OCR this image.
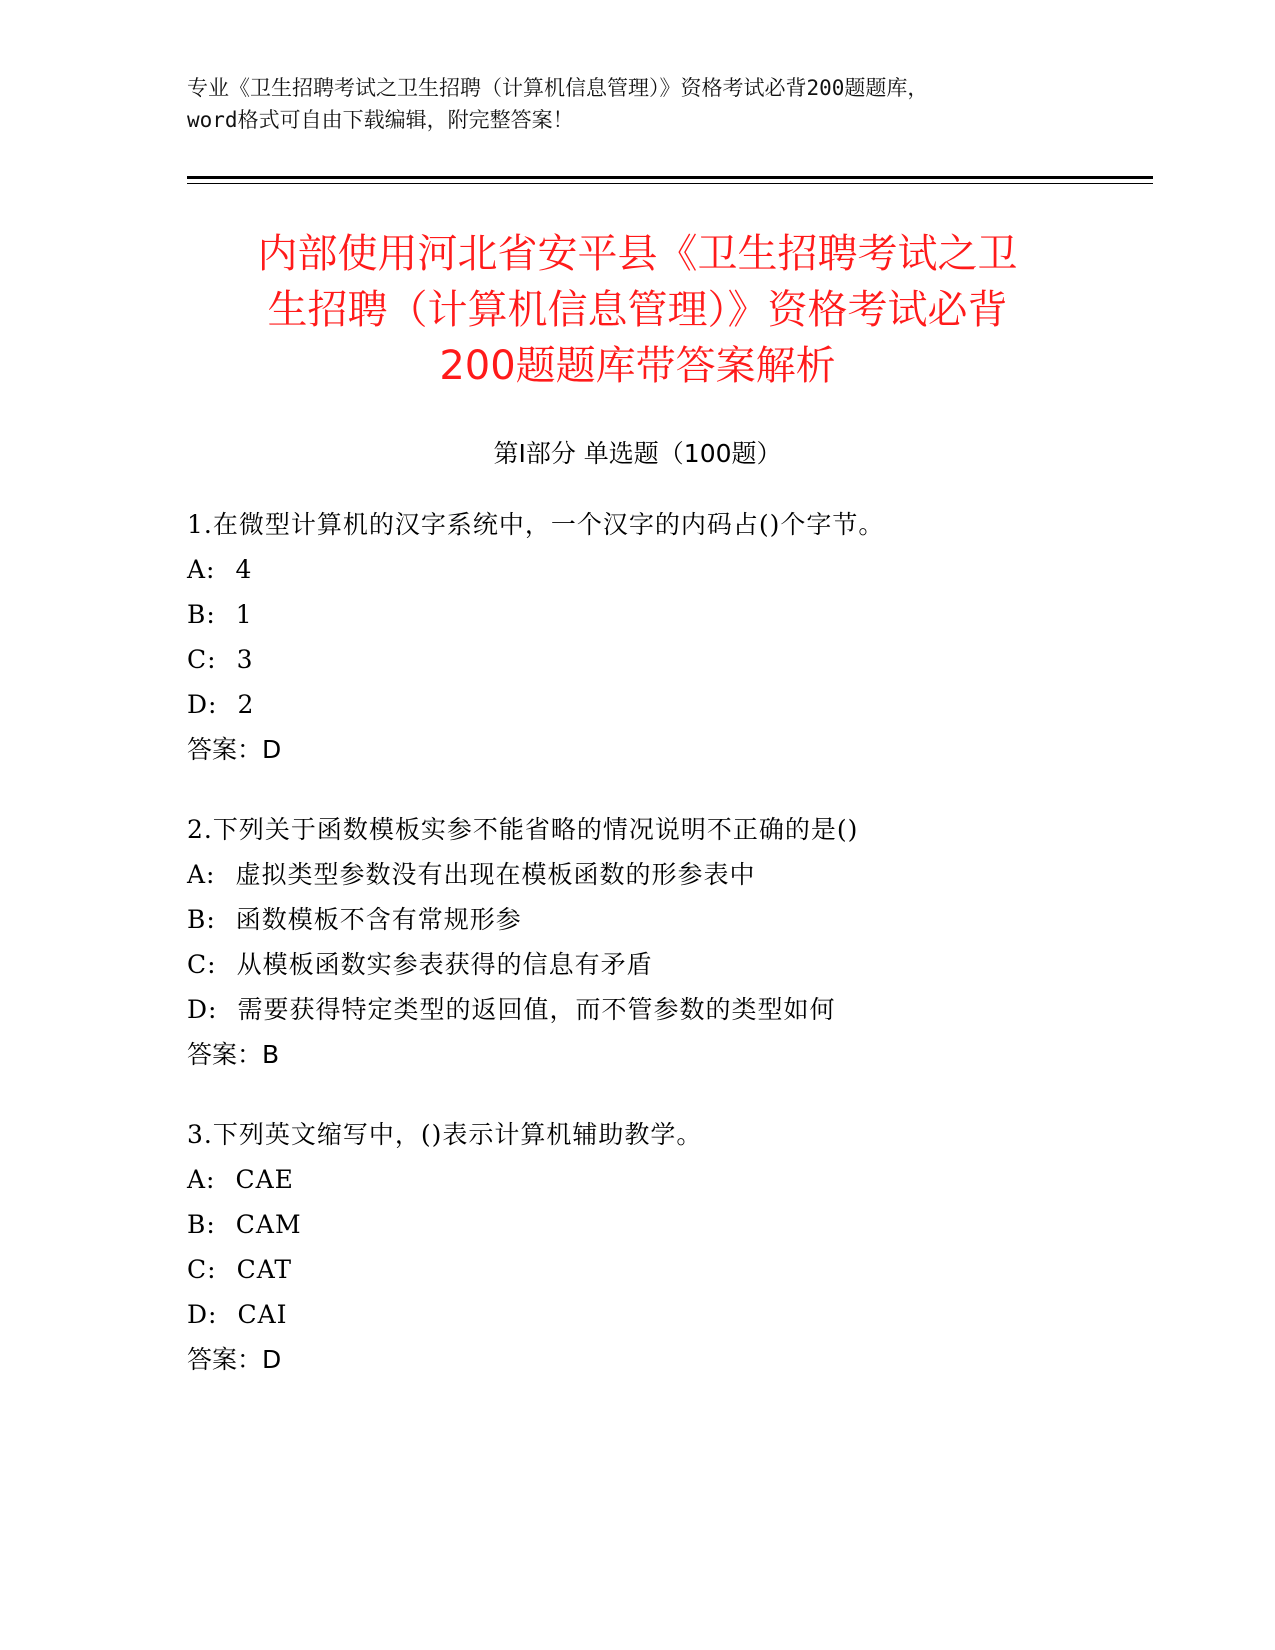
专业《卫生招聘考试之卫生招聘（计算机信息管理）》资格考试必背200题题库，
word格式可自由下载编辑，附完整答案！
内部使用河北省安平县《卫生招聘考试之卫
生招聘（计算机信息管理）》资格考试必背
200题题库带答案解析
第I部分 单选题（100题）
1.在微型计算机的汉字系统中，一个汉字的内码占()个字节。
A: 4
B: 1
C: 3
D: 2
答案：D
2.下列关于函数模板实参不能省略的情况说明不正确的是()
A: 虚拟类型参数没有出现在模板函数的形参表中
B: 函数模板不含有常规形参
C: 从模板函数实参表获得的信息有矛盾
D: 需要获得特定类型的返回值，而不管参数的类型如何
答案：B
3.下列英文缩写中，()表示计算机辅助教学。
A: CAE
B: CAM
C: CAT
D: CAI
答案：D
